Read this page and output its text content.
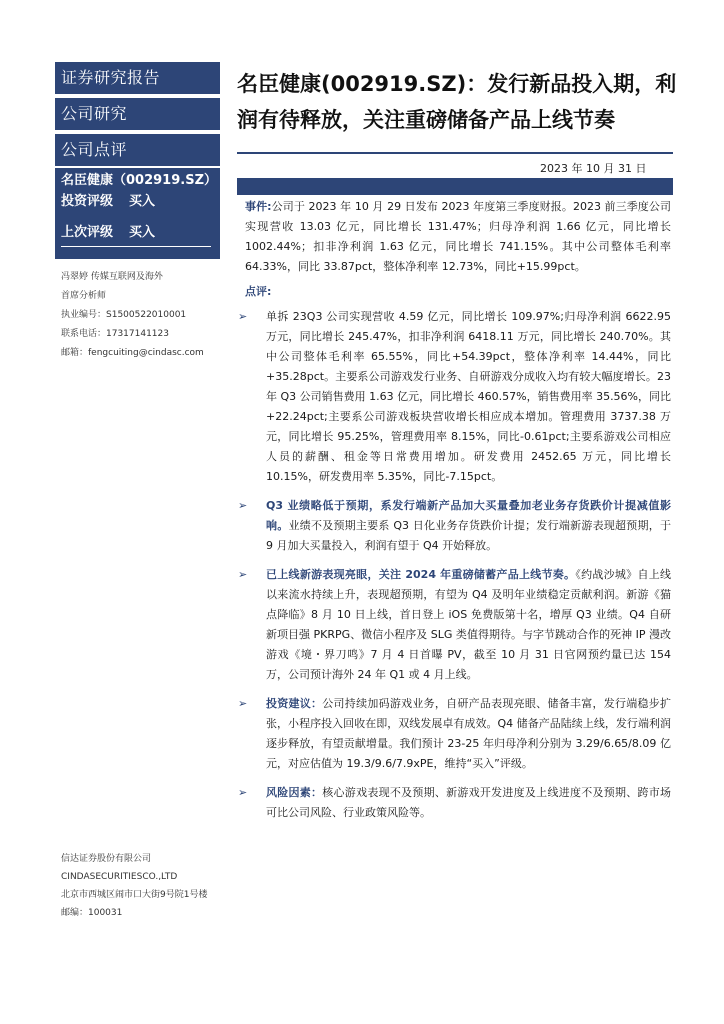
证券研究报告
公司研究
公司点评
名臣健康（002919.SZ）
投资评级 买入
上次评级 买入
冯翠婷 传媒互联网及海外
首席分析师
执业编号：S1500522010001
联系电话：17317141123
邮箱：fengcuiting@cindasc.com
信达证券股份有限公司
CINDASECURITIESCO.,LTD
北京市西城区闹市口大街9号院1号楼
邮编：100031
名臣健康(002919.SZ)：发行新品投入期，利润有待释放，关注重磅储备产品上线节奏
2023 年 10 月 31 日
事件:公司于 2023 年 10 月 29 日发布 2023 年度第三季度财报。2023 前三季度公司实现营收 13.03 亿元，同比增长 131.47%；归母净利润 1.66 亿元，同比增长 1002.44%；扣非净利润 1.63 亿元，同比增长 741.15%。其中公司整体毛利率 64.33%，同比 33.87pct，整体净利率 12.73%，同比+15.99pct。
点评:
➢	单拆 23Q3 公司实现营收 4.59 亿元，同比增长 109.97%;归母净利润 6622.95 万元，同比增长 245.47%，扣非净利润 6418.11 万元，同比增长 240.70%。其中公司整体毛利率 65.55%，同比+54.39pct，整体净利率 14.44%，同比+35.28pct。主要系公司游戏发行业务、自研游戏分成收入均有较大幅度增长。23 年 Q3 公司销售费用 1.63 亿元，同比增长 460.57%，销售费用率 35.56%，同比+22.24pct;主要系公司游戏板块营收增长相应成本增加。管理费用 3737.38 万元，同比增长 95.25%，管理费用率 8.15%，同比-0.61pct;主要系游戏公司相应人员的薪酬、租金等日常费用增加。研发费用 2452.65 万元，同比增长 10.15%，研发费用率 5.35%，同比-7.15pct。
➢	Q3 业绩略低于预期，系发行端新产品加大买量叠加老业务存货跌价计提减值影响。业绩不及预期主要系 Q3 日化业务存货跌价计提；发行端新游表现超预期，于 9 月加大买量投入，利润有望于 Q4 开始释放。
➢	已上线新游表现亮眼，关注 2024 年重磅储蓄产品上线节奏。《约战沙城》自上线以来流水持续上升，表现超预期，有望为 Q4 及明年业绩稳定贡献利润。新游《猫点降临》8 月 10 日上线，首日登上 iOS 免费版第十名，增厚 Q3 业绩。Q4 自研新项目强 PKRPG、微信小程序及 SLG 类值得期待。与字节跳动合作的死神 IP 漫改游戏《境・界刀鸣》7 月 4 日首曝 PV，截至 10 月 31 日官网预约量已达 154 万，公司预计海外 24 年 Q1 或 4 月上线。
➢	投资建议：公司持续加码游戏业务，自研产品表现亮眼、储备丰富，发行端稳步扩张，小程序投入回收在即，双线发展卓有成效。Q4 储备产品陆续上线，发行端利润逐步释放，有望贡献增量。我们预计 23-25 年归母净利分别为 3.29/6.65/8.09 亿元，对应估值为 19.3/9.6/7.9xPE，维持“买入”评级。
➢	风险因素：核心游戏表现不及预期、新游戏开发进度及上线进度不及预期、跨市场可比公司风险、行业政策风险等。
